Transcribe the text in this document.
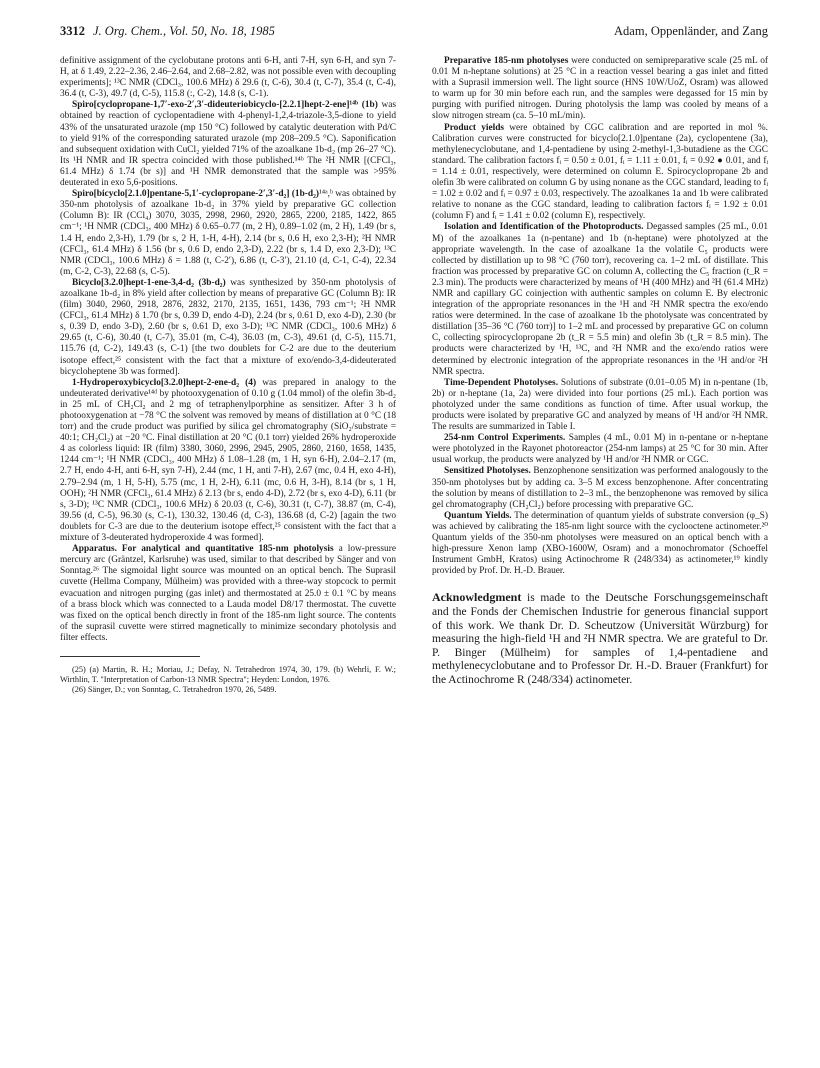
3312 J. Org. Chem., Vol. 50, No. 18, 1985	Adam, Oppenländer, and Zang

definitive assignment of the cyclobutane protons anti 6-H, anti 7-H, syn 6-H, and syn 7-H, at δ 1.49, 2.22–2.36, 2.46–2.64, and 2.68–2.82, was not possible even with decoupling experiments]; ¹³C NMR (CDCl₃, 100.6 MHz) δ 29.6 (t, C-6), 30.4 (t, C-7), 35.4 (t, C-4), 36.4 (t, C-3), 49.7 (d, C-5), 115.8 (:, C-2), 14.8 (s, C-1).

Spiro[cyclopropane-1,7′-exo-2′,3′-dideuteriobicyclo-[2.2.1]hept-2-ene]¹⁴ᵇ (1b) was obtained by reaction of cyclopentadiene with 4-phenyl-1,2,4-triazole-3,5-dione to yield 43% of the unsaturated urazole (mp 150 °C) followed by catalytic deuteration with Pd/C to yield 91% of the corresponding saturated urazole (mp 208–209.5 °C). Saponification and subsequent oxidation with CuCl₂ yielded 71% of the azoalkane 1b-d₂ (mp 26–27 °C). Its ¹H NMR and IR spectra coincided with those published.¹⁴ᵇ The ²H NMR [(CFCl₃, 61.4 MHz) δ 1.74 (br s)] and ¹H NMR demonstrated that the sample was >95% deuterated in exo 5,6-positions.

Spiro[bicyclo[2.1.0]pentane-5,1′-cyclopropane-2′,3′-d₂] (1b-d₂)¹⁴ᵃ,ᵇ was obtained by 350-nm photolysis of azoalkane 1b-d₂ in 37% yield by preparative GC collection (Column B): IR (CCl₄) 3070, 3035, 2998, 2960, 2920, 2865, 2200, 2185, 1422, 865 cm⁻¹; ¹H NMR (CDCl₃, 400 MHz) δ 0.65–0.77 (m, 2 H), 0.89–1.02 (m, 2 H), 1.49 (br s, 1.4 H, endo 2,3-H), 1.79 (br s, 2 H, 1-H, 4-H), 2.14 (br s, 0.6 H, exo 2,3-H); ²H NMR (CFCl₃, 61.4 MHz) δ 1.56 (br s, 0.6 D, endo 2,3-D), 2.22 (br s, 1.4 D, exo 2,3-D); ¹³C NMR (CDCl₃, 100.6 MHz) δ = 1.88 (t, C-2′), 6.86 (t, C-3′), 21.10 (d, C-1, C-4), 22.34 (m, C-2, C-3), 22.68 (s, C-5).

Bicyclo[3.2.0]hept-1-ene-3,4-d₂ (3b-d₂) was synthesized by 350-nm photolysis of azoalkane 1b-d₂ in 8% yield after collection by means of preparative GC (Column B): IR (film) 3040, 2960, 2918, 2876, 2832, 2170, 2135, 1651, 1436, 793 cm⁻¹; ²H NMR (CFCl₃, 61.4 MHz) δ 1.70 (br s, 0.39 D, endo 4-D), 2.24 (br s, 0.61 D, exo 4-D), 2.30 (br s, 0.39 D, endo 3-D), 2.60 (br s, 0.61 D, exo 3-D); ¹³C NMR (CDCl₃, 100.6 MHz) δ 29.65 (t, C-6), 30.40 (t, C-7), 35.01 (m, C-4), 36.03 (m, C-3), 49.61 (d, C-5), 115.71, 115.76 (d, C-2), 149.43 (s, C-1) [the two doublets for C-2 are due to the deuterium isotope effect,²⁵ consistent with the fact that a mixture of exo/endo-3,4-dideuterated bicycloheptene 3b was formed].

1-Hydroperoxybicyclo[3.2.0]hept-2-ene-d₂ (4) was prepared in analogy to the undeuterated derivative¹⁴ᵈ by photooxygenation of 0.10 g (1.04 mmol) of the olefin 3b-d₂ in 25 mL of CH₂Cl₂ and 2 mg of tetraphenylporphine as sensitizer. After 3 h of photooxygenation at −78 °C the solvent was removed by means of distillation at 0 °C (18 torr) and the crude product was purified by silica gel chromatography (SiO₂/substrate = 40:1; CH₂Cl₂) at −20 °C. Final distillation at 20 °C (0.1 torr) yielded 26% hydroperoxide 4 as colorless liquid: IR (film) 3380, 3060, 2996, 2945, 2905, 2860, 2160, 1658, 1435, 1244 cm⁻¹; ¹H NMR (CDCl₃, 400 MHz) δ 1.08–1.28 (m, 1 H, syn 6-H), 2.04–2.17 (m, 2.7 H, endo 4-H, anti 6-H, syn 7-H), 2.44 (mc, 1 H, anti 7-H), 2.67 (mc, 0.4 H, exo 4-H), 2.79–2.94 (m, 1 H, 5-H), 5.75 (mc, 1 H, 2-H), 6.11 (mc, 0.6 H, 3-H), 8.14 (br s, 1 H, OOH); ²H NMR (CFCl₃, 61.4 MHz) δ 2.13 (br s, endo 4-D), 2.72 (br s, exo 4-D), 6.11 (br s, 3-D); ¹³C NMR (CDCl₃, 100.6 MHz) δ 20.03 (t, C-6), 30.31 (t, C-7), 38.87 (m, C-4), 39.56 (d, C-5), 96.30 (s, C-1), 130.32, 130.46 (d, C-3), 136.68 (d, C-2) [again the two doublets for C-3 are due to the deuterium isotope effect,²⁵ consistent with the fact that a mixture of 3-deuterated hydroperoxide 4 was formed].

Apparatus. For analytical and quantitative 185-nm photolysis a low-pressure mercury arc (Gräntzel, Karlsruhe) was used, similar to that described by Sänger and von Sonntag.²⁶ The sigmoidal light source was mounted on an optical bench. The Suprasil cuvette (Hellma Company, Mülheim) was provided with a three-way stopcock to permit evacuation and nitrogen purging (gas inlet) and thermostated at 25.0 ± 0.1 °C by means of a brass block which was connected to a Lauda model D8/17 thermostat. The cuvette was fixed on the optical bench directly in front of the 185-nm light source. The contents of the suprasil cuvette were stirred magnetically to minimize secondary photolysis and filter effects.

(25) (a) Martin, R. H.; Moriau, J.; Defay, N. Tetrahedron 1974, 30, 179. (b) Wehrli, F. W.; Wirthlin, T. "Interpretation of Carbon-13 NMR Spectra"; Heyden: London, 1976.

(26) Sänger, D.; von Sonntag, C. Tetrahedron 1970, 26, 5489.

Preparative 185-nm photolyses were conducted on semipreparative scale (25 mL of 0.01 M n-heptane solutions) at 25 °C in a reaction vessel bearing a gas inlet and fitted with a Suprasil immersion well. The light source (HNS 10W/UoZ, Osram) was allowed to warm up for 30 min before each run, and the samples were degassed for 15 min by purging with purified nitrogen. During photolysis the lamp was cooled by means of a slow nitrogen stream (ca. 5–10 mL/min).

Product yields were obtained by CGC calibration and are reported in mol %. Calibration curves were constructed for bicyclo[2.1.0]pentane (2a), cyclopentene (3a), methylenecyclobutane, and 1,4-pentadiene by using 2-methyl-1,3-butadiene as the CGC standard. The calibration factors fᵢ = 0.50 ± 0.01, fᵢ = 1.11 ± 0.01, fᵢ = 0.92 ● 0.01, and fᵢ = 1.14 ± 0.01, respectively, were determined on column E. Spirocyclopropane 2b and olefin 3b were calibrated on column G by using nonane as the CGC standard, leading to fᵢ = 1.02 ± 0.02 and fᵢ = 0.97 ± 0.03, respectively. The azoalkanes 1a and 1b were calibrated relative to nonane as the CGC standard, leading to calibration factors fᵢ = 1.92 ± 0.01 (column F) and fᵢ = 1.41 ± 0.02 (column E), respectively.

Isolation and Identification of the Photoproducts. Degassed samples (25 mL, 0.01 M) of the azoalkanes 1a (n-pentane) and 1b (n-heptane) were photolyzed at the appropriate wavelength. In the case of azoalkane 1a the volatile C₅ products were collected by distillation up to 98 °C (760 torr), recovering ca. 1–2 mL of distillate. This fraction was processed by preparative GC on column A, collecting the C₅ fraction (t_R = 2.3 min). The products were characterized by means of ¹H (400 MHz) and ²H (61.4 MHz) NMR and capillary GC coinjection with authentic samples on column E. By electronic integration of the appropriate resonances in the ¹H and ²H NMR spectra the exo/endo ratios were determined. In the case of azoalkane 1b the photolysate was concentrated by distillation [35–36 °C (760 torr)] to 1–2 mL and processed by preparative GC on column C, collecting spirocyclopropane 2b (t_R = 5.5 min) and olefin 3b (t_R = 8.5 min). The products were characterized by ¹H, ¹³C, and ²H NMR and the exo/endo ratios were determined by electronic integration of the appropriate resonances in the ¹H and/or ²H NMR spectra.

Time-Dependent Photolyses. Solutions of substrate (0.01–0.05 M) in n-pentane (1b, 2b) or n-heptane (1a, 2a) were divided into four portions (25 mL). Each portion was photolyzed under the same conditions as function of time. After usual workup, the products were isolated by preparative GC and analyzed by means of ¹H and/or ²H NMR. The results are summarized in Table I.

254-nm Control Experiments. Samples (4 mL, 0.01 M) in n-pentane or n-heptane were photolyzed in the Rayonet photoreactor (254-nm lamps) at 25 °C for 30 min. After usual workup, the products were analyzed by ¹H and/or ²H NMR or CGC.

Sensitized Photolyses. Benzophenone sensitization was performed analogously to the 350-nm photolyses but by adding ca. 3–5 M excess benzophenone. After concentrating the solution by means of distillation to 2–3 mL, the benzophenone was removed by silica gel chromatography (CH₂Cl₂) before processing with preparative GC.

Quantum Yields. The determination of quantum yields of substrate conversion (φ_S) was achieved by calibrating the 185-nm light source with the cyclooctene actinometer.²⁰ Quantum yields of the 350-nm photolyses were measured on an optical bench with a high-pressure Xenon lamp (XBO-1600W, Osram) and a monochromator (Schoeffel Instrument GmbH, Kratos) using Actinochrome R (248/334) as actinometer,¹⁹ kindly provided by Prof. Dr. H.-D. Brauer.

Acknowledgment is made to the Deutsche Forschungsgemeinschaft and the Fonds der Chemischen Industrie for generous financial support of this work. We thank Dr. D. Scheutzow (Universität Würzburg) for measuring the high-field ¹H and ²H NMR spectra. We are grateful to Dr. P. Binger (Mülheim) for samples of 1,4-pentadiene and methylenecyclobutane and to Professor Dr. H.-D. Brauer (Frankfurt) for the Actinochrome R (248/334) actinometer.
